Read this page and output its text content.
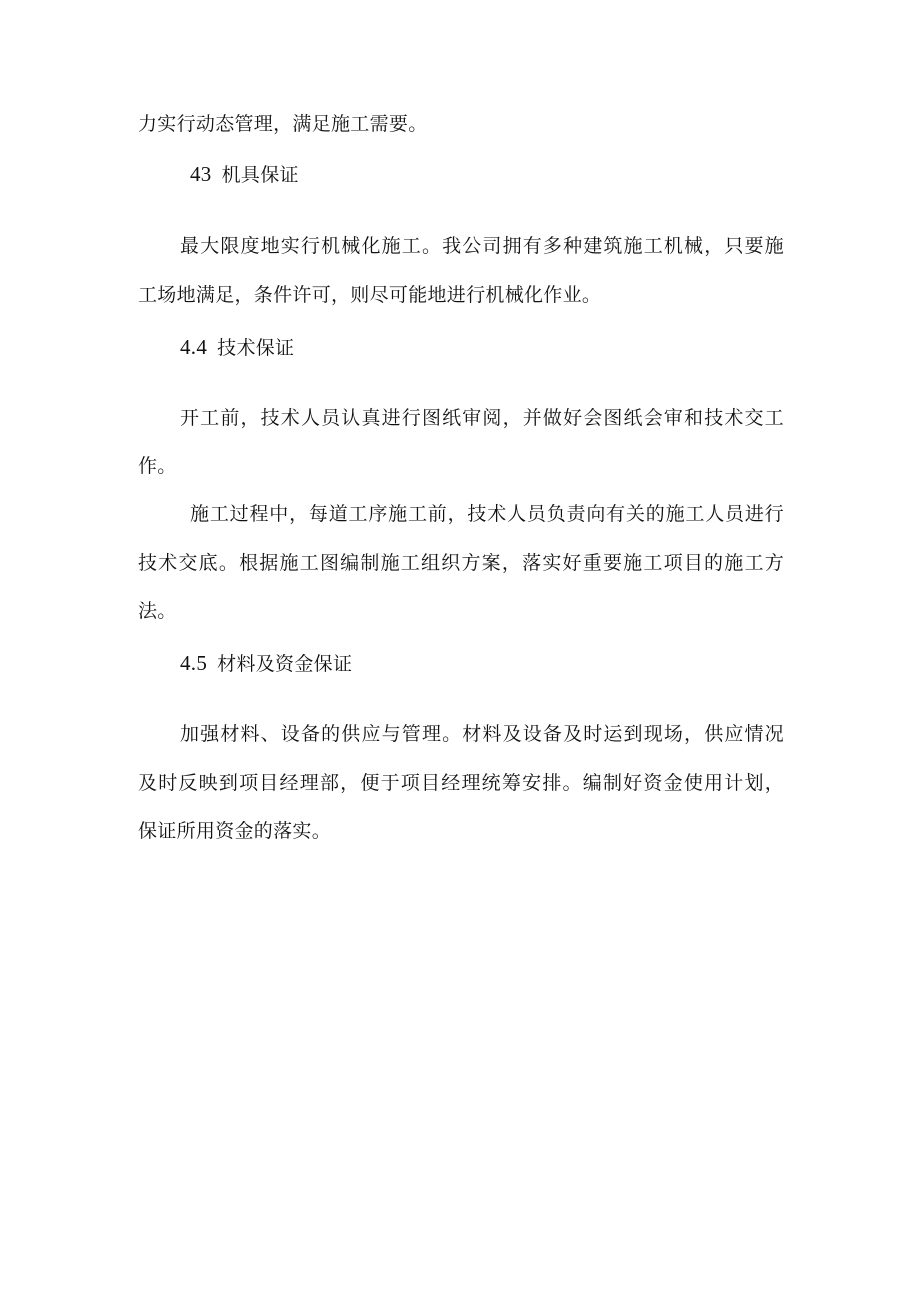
力实行动态管理，满足施工需要。
43 机具保证
最大限度地实行机械化施工。我公司拥有多种建筑施工机械，只要施
工场地满足，条件许可，则尽可能地进行机械化作业。
4.4 技术保证
开工前，技术人员认真进行图纸审阅，并做好会图纸会审和技术交工
作。
施工过程中，每道工序施工前，技术人员负责向有关的施工人员进行
技术交底。根据施工图编制施工组织方案，落实好重要施工项目的施工方
法。
4.5 材料及资金保证
加强材料、设备的供应与管理。材料及设备及时运到现场，供应情况
及时反映到项目经理部，便于项目经理统筹安排。编制好资金使用计划，
保证所用资金的落实。
